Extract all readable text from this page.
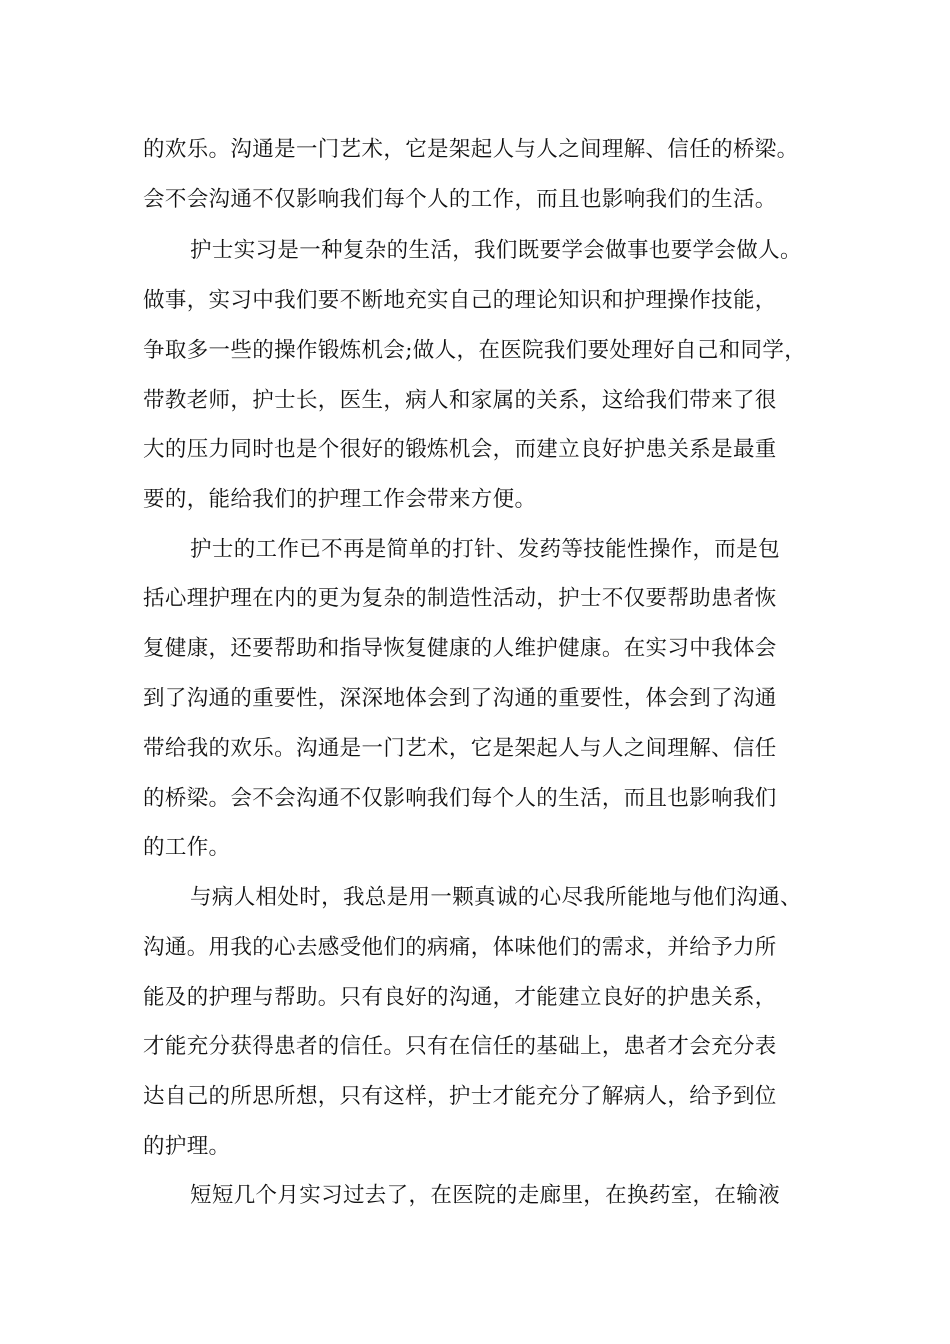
的欢乐。沟通是一门艺术，它是架起人与人之间理解、信任的桥梁。
会不会沟通不仅影响我们每个人的工作，而且也影响我们的生活。
护士实习是一种复杂的生活，我们既要学会做事也要学会做人。
做事，实习中我们要不断地充实自己的理论知识和护理操作技能，
争取多一些的操作锻炼机会;做人，在医院我们要处理好自己和同学，
带教老师，护士长，医生，病人和家属的关系，这给我们带来了很
大的压力同时也是个很好的锻炼机会，而建立良好护患关系是最重
要的，能给我们的护理工作会带来方便。
护士的工作已不再是简单的打针、发药等技能性操作，而是包
括心理护理在内的更为复杂的制造性活动，护士不仅要帮助患者恢
复健康，还要帮助和指导恢复健康的人维护健康。在实习中我体会
到了沟通的重要性，深深地体会到了沟通的重要性，体会到了沟通
带给我的欢乐。沟通是一门艺术，它是架起人与人之间理解、信任
的桥梁。会不会沟通不仅影响我们每个人的生活，而且也影响我们
的工作。
与病人相处时，我总是用一颗真诚的心尽我所能地与他们沟通、
沟通。用我的心去感受他们的病痛，体味他们的需求，并给予力所
能及的护理与帮助。只有良好的沟通，才能建立良好的护患关系，
才能充分获得患者的信任。只有在信任的基础上，患者才会充分表
达自己的所思所想，只有这样，护士才能充分了解病人，给予到位
的护理。
短短几个月实习过去了，在医院的走廊里，在换药室，在输液
